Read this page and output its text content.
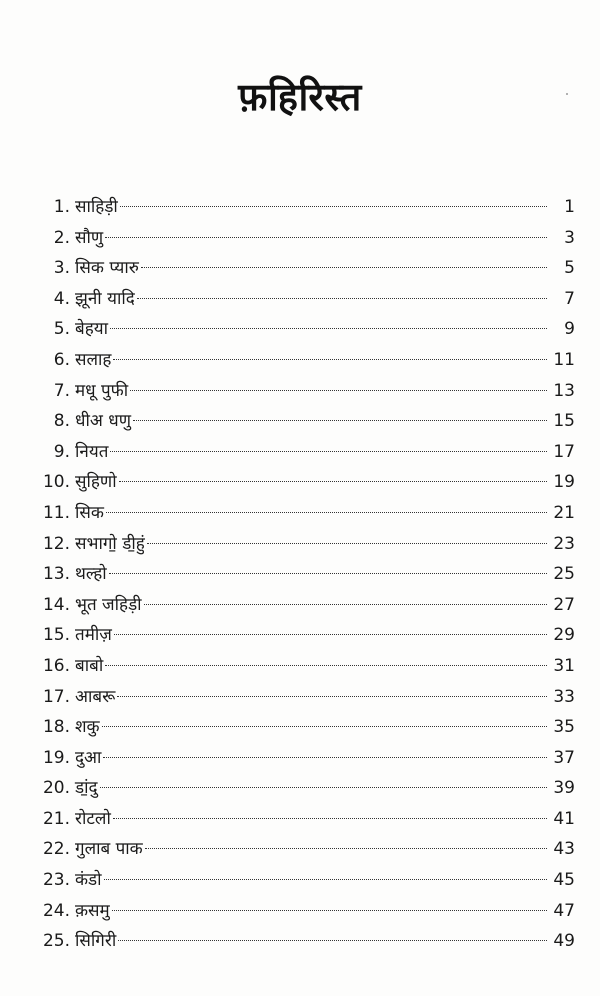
फ़हिरिस्त
1. साहिड़ी	1
2. सौणु	3
3. सिक प्यारु	5
4. झूनी यादि	7
5. बेहया	9
6. सलाह	11
7. मधू पुफी	13
8. धीअ धणु	15
9. नियत	17
10. सुहिणो	19
11. सिक	21
12. सभागो॒ डी॒हुं	23
13. थल्हो	25
14. भूत जहिड़ी	27
15. तमीज़	29
16. बाबो	31
17. आबरू	33
18. शकु	35
19. दुआ	37
20. डां॒दु	39
21. रोटलो	41
22. गुलाब पाक	43
23. कंडो	45
24. क़समु	47
25. सिगिरी	49
